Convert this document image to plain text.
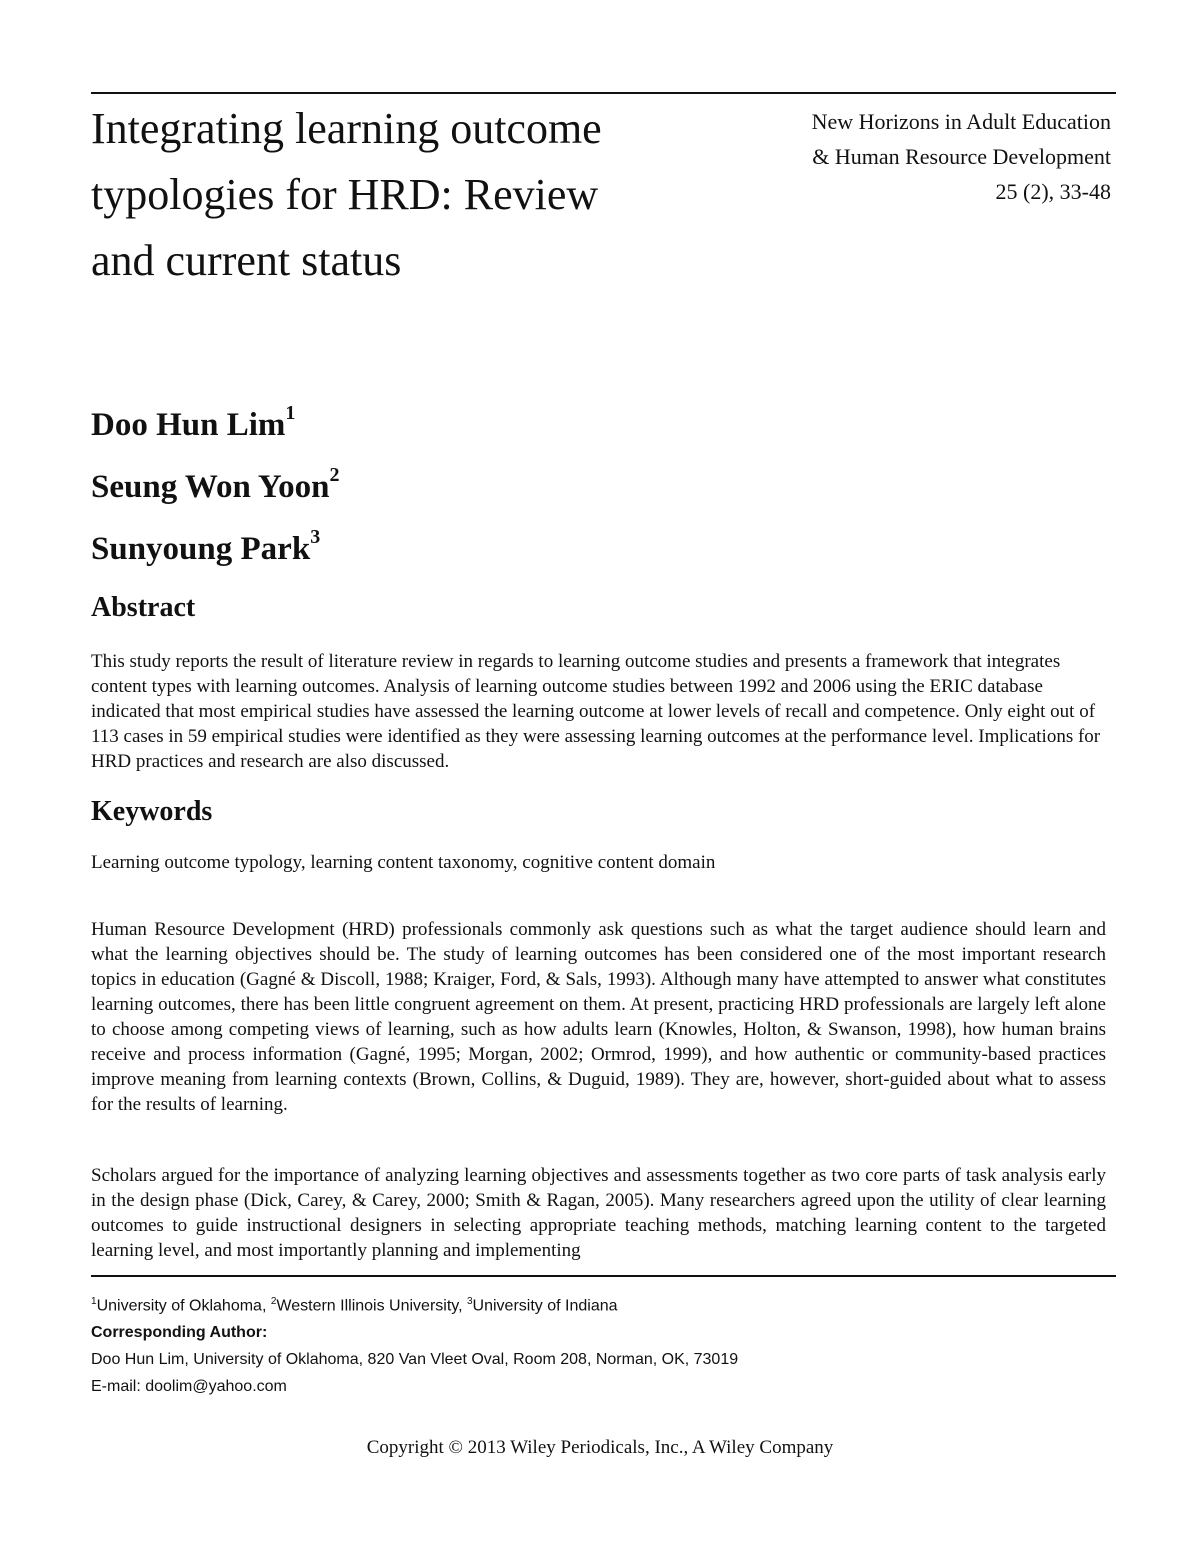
Integrating learning outcome typologies for HRD: Review and current status
New Horizons in Adult Education
& Human Resource Development
25 (2), 33-48
Doo Hun Lim$^1$
Seung Won Yoon$^2$
Sunyoung Park$^3$
Abstract

This study reports the result of literature review in regards to learning outcome studies and presents a framework that integrates content types with learning outcomes. Analysis of learning outcome studies between 1992 and 2006 using the ERIC database indicated that most empirical studies have assessed the learning outcome at lower levels of recall and competence. Only eight out of 113 cases in 59 empirical studies were identified as they were assessing learning outcomes at the performance level. Implications for HRD practices and research are also discussed.

Keywords

Learning outcome typology, learning content taxonomy, cognitive content domain

Human Resource Development (HRD) professionals commonly ask questions such as what the target audience should learn and what the learning objectives should be. The study of learning outcomes has been considered one of the most important research topics in education (Gagné & Discoll, 1988; Kraiger, Ford, & Sals, 1993). Although many have attempted to answer what constitutes learning outcomes, there has been little congruent agreement on them. At present, practicing HRD professionals are largely left alone to choose among competing views of learning, such as how adults learn (Knowles, Holton, & Swanson, 1998), how human brains receive and process information (Gagné, 1995; Morgan, 2002; Ormrod, 1999), and how authentic or community-based practices improve meaning from learning contexts (Brown, Collins, & Duguid, 1989). They are, however, short-guided about what to assess for the results of learning.

Scholars argued for the importance of analyzing learning objectives and assessments together as two core parts of task analysis early in the design phase (Dick, Carey, & Carey, 2000; Smith & Ragan, 2005). Many researchers agreed upon the utility of clear learning outcomes to guide instructional designers in selecting appropriate teaching methods, matching learning content to the targeted learning level, and most importantly planning and implementing

$^1$University of Oklahoma, $^2$Western Illinois University, $^3$University of Indiana
Corresponding Author:
Doo Hun Lim, University of Oklahoma, 820 Van Vleet Oval, Room 208, Norman, OK, 73019
E-mail: doolim@yahoo.com
Copyright © 2013 Wiley Periodicals, Inc., A Wiley Company
